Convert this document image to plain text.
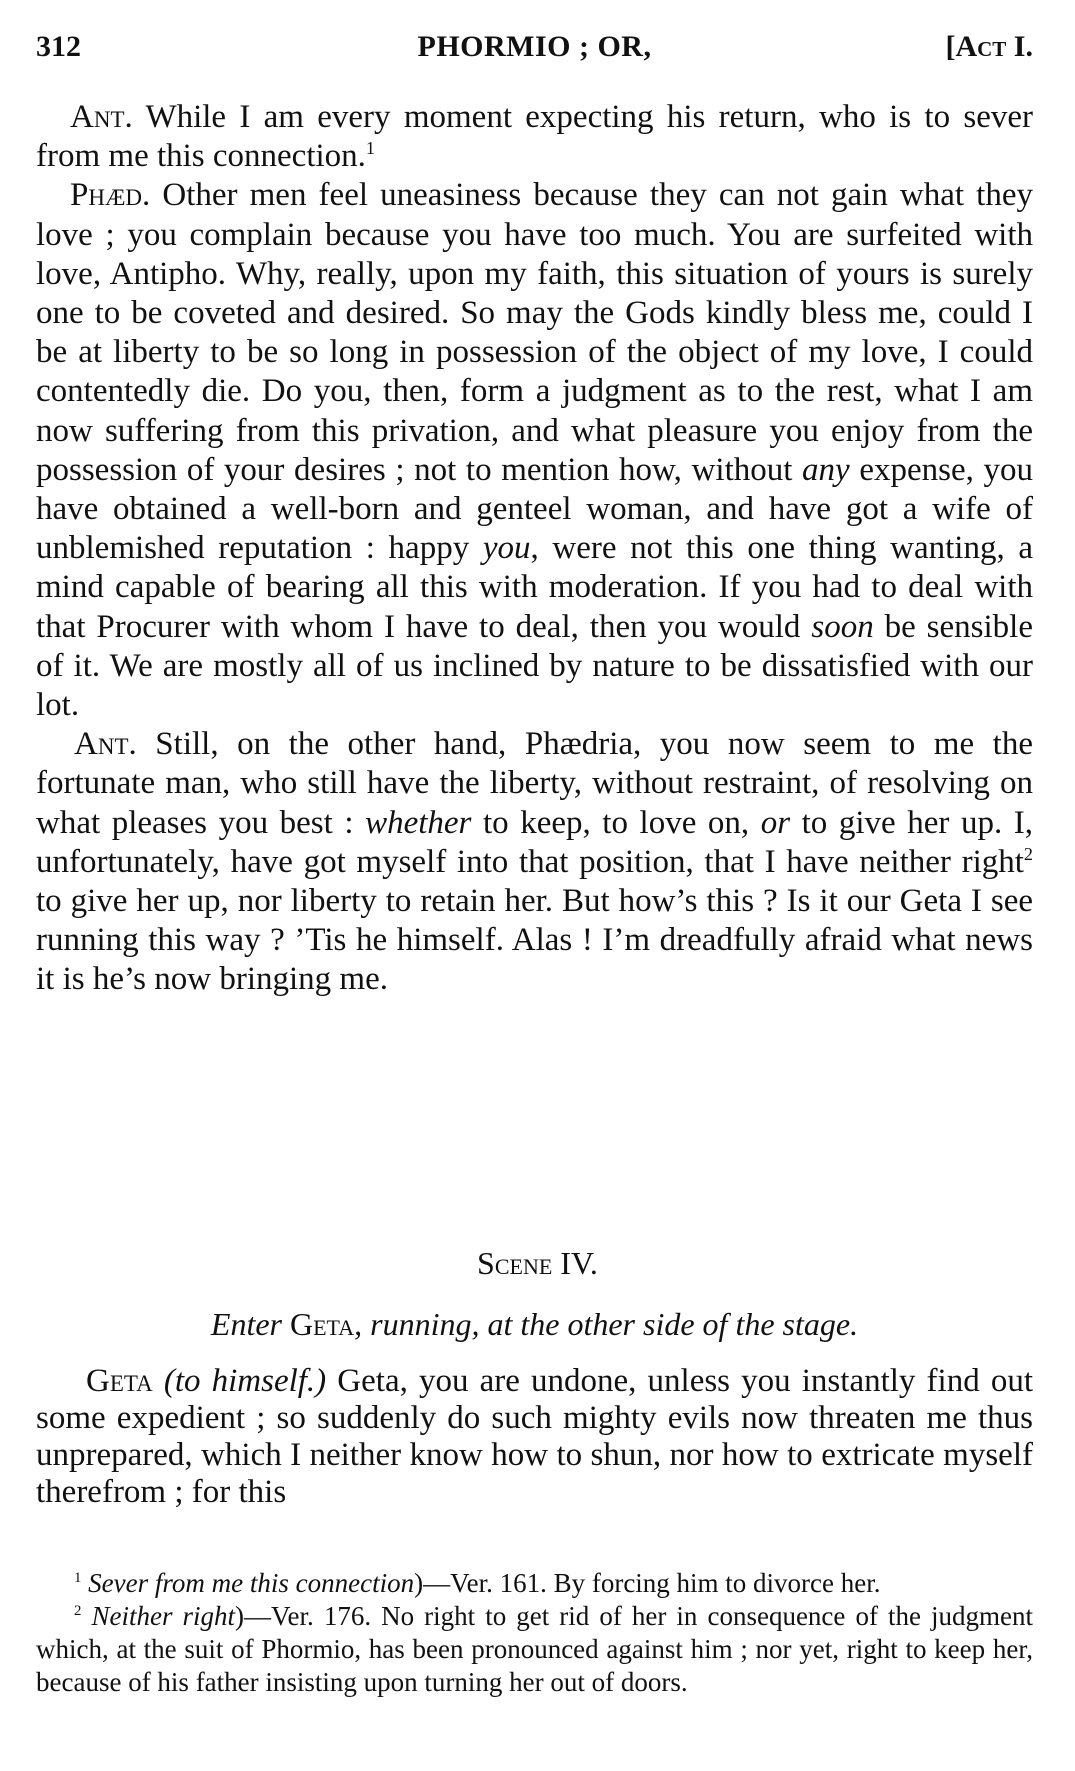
312	PHORMIO ; OR,	[Act I.

Ant. While I am every moment expecting his return, who is to sever from me this connection.$^1$

Phæd. Other men feel uneasiness because they can not gain what they love ; you complain because you have too much. You are surfeited with love, Antipho. Why, really, upon my faith, this situation of yours is surely one to be coveted and desired. So may the Gods kindly bless me, could I be at liberty to be so long in possession of the object of my love, I could contentedly die. Do you, then, form a judgment as to the rest, what I am now suffering from this privation, and what pleasure you enjoy from the possession of your desires ; not to mention how, without any expense, you have obtained a well-born and genteel woman, and have got a wife of unblemished reputation : happy you, were not this one thing wanting, a mind capable of bearing all this with moderation. If you had to deal with that Procurer with whom I have to deal, then you would soon be sensible of it. We are mostly all of us inclined by nature to be dissatisfied with our lot.

Ant. Still, on the other hand, Phædria, you now seem to me the fortunate man, who still have the liberty, without restraint, of resolving on what pleases you best : whether to keep, to love on, or to give her up. I, unfortunately, have got myself into that position, that I have neither right$^2$ to give her up, nor liberty to retain her. But how’s this ? Is it our Geta I see running this way ? ’Tis he himself. Alas ! I’m dreadfully afraid what news it is he’s now bringing me.

Scene IV.
Enter Geta, running, at the other side of the stage.

Geta (to himself.) Geta, you are undone, unless you instantly find out some expedient ; so suddenly do such mighty evils now threaten me thus unprepared, which I neither know how to shun, nor how to extricate myself therefrom ; for this

$^1$ Sever from me this connection)—Ver. 161. By forcing him to divorce her.

$^2$ Neither right)—Ver. 176. No right to get rid of her in consequence of the judgment which, at the suit of Phormio, has been pronounced against him ; nor yet, right to keep her, because of his father insisting upon turning her out of doors.
